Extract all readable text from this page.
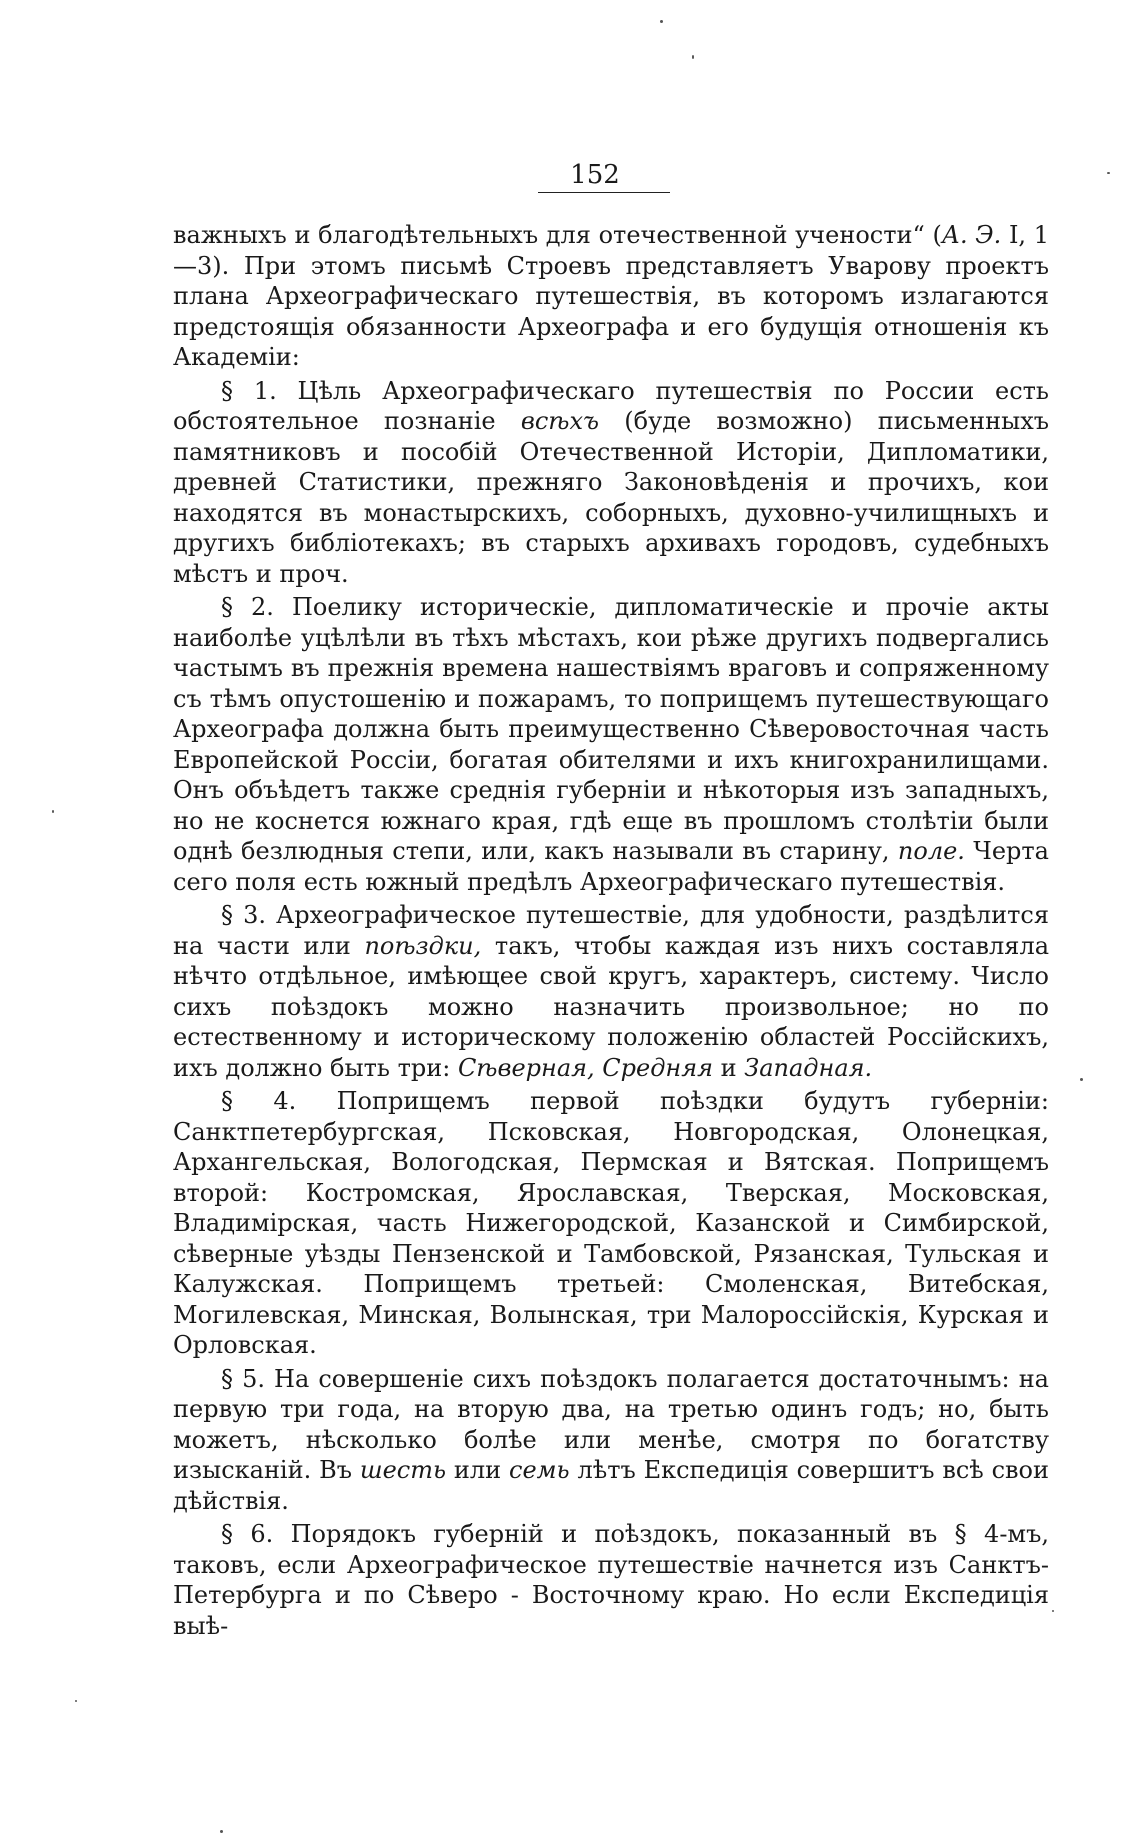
152

важныхъ и благодѣтельныхъ для отечественной учености“ (А. Э. I, 1—3). При этомъ письмѣ Строевъ представляетъ Уварову проектъ плана Археографическаго путешествія, въ которомъ излагаются предстоящія обязанности Археографа и его будущія отношенія къ Академіи:

§ 1. Цѣль Археографическаго путешествія по России есть обстоятельное познаніе всѣхъ (буде возможно) письменныхъ памятниковъ и пособій Отечественной Исторіи, Дипломатики, древней Статистики, прежняго Законовѣденія и прочихъ, кои находятся въ монастырскихъ, соборныхъ, духовно-училищныхъ и другихъ библіотекахъ; въ старыхъ архивахъ городовъ, судебныхъ мѣстъ и проч.

§ 2. Поелику историческіе, дипломатическіе и прочіе акты наиболѣе уцѣлѣли въ тѣхъ мѣстахъ, кои рѣже другихъ подвергались частымъ въ прежнія времена нашествіямъ враговъ и сопряженному съ тѣмъ опустошенію и пожарамъ, то поприщемъ путешествующаго Археографа должна быть преимущественно Сѣверовосточная часть Европейской Россіи, богатая обителями и ихъ книгохранилищами. Онъ объѣдетъ также среднія губерніи и нѣкоторыя изъ западныхъ, но не коснется южнаго края, гдѣ еще въ прошломъ столѣтіи были однѣ безлюдныя степи, или, какъ называли въ старину, поле. Черта сего поля есть южный предѣлъ Археографическаго путешествія.

§ 3. Археографическое путешествіе, для удобности, раздѣлится на части или поѣздки, такъ, чтобы каждая изъ нихъ составляла нѣчто отдѣльное, имѣющее свой кругъ, характеръ, систему. Число сихъ поѣздокъ можно назначить произвольное; но по естественному и историческому положенію областей Россійскихъ, ихъ должно быть три: Сѣверная, Средняя и Западная.

§ 4. Поприщемъ первой поѣздки будутъ губерніи: Санктпетербургская, Псковская, Новгородская, Олонецкая, Архангельская, Вологодская, Пермская и Вятская. Поприщемъ второй: Костромская, Ярославская, Тверская, Московская, Владимірская, часть Нижегородской, Казанской и Симбирской, сѣверные уѣзды Пензенской и Тамбовской, Рязанская, Тульская и Калужская. Поприщемъ третьей: Смоленская, Витебская, Могилевская, Минская, Волынская, три Малороссійскія, Курская и Орловская.

§ 5. На совершеніе сихъ поѣздокъ полагается достаточнымъ: на первую три года, на вторую два, на третью одинъ годъ; но, быть можетъ, нѣсколько болѣе или менѣе, смотря по богатству изысканій. Въ шесть или семь лѣтъ Експедиція совершитъ всѣ свои дѣйствія.

§ 6. Порядокъ губерній и поѣздокъ, показанный въ § 4-мъ, таковъ, если Археографическое путешествіе начнется изъ Санктъ-Петербурга и по Сѣверо - Восточному краю. Но если Експедиція выѣ-
